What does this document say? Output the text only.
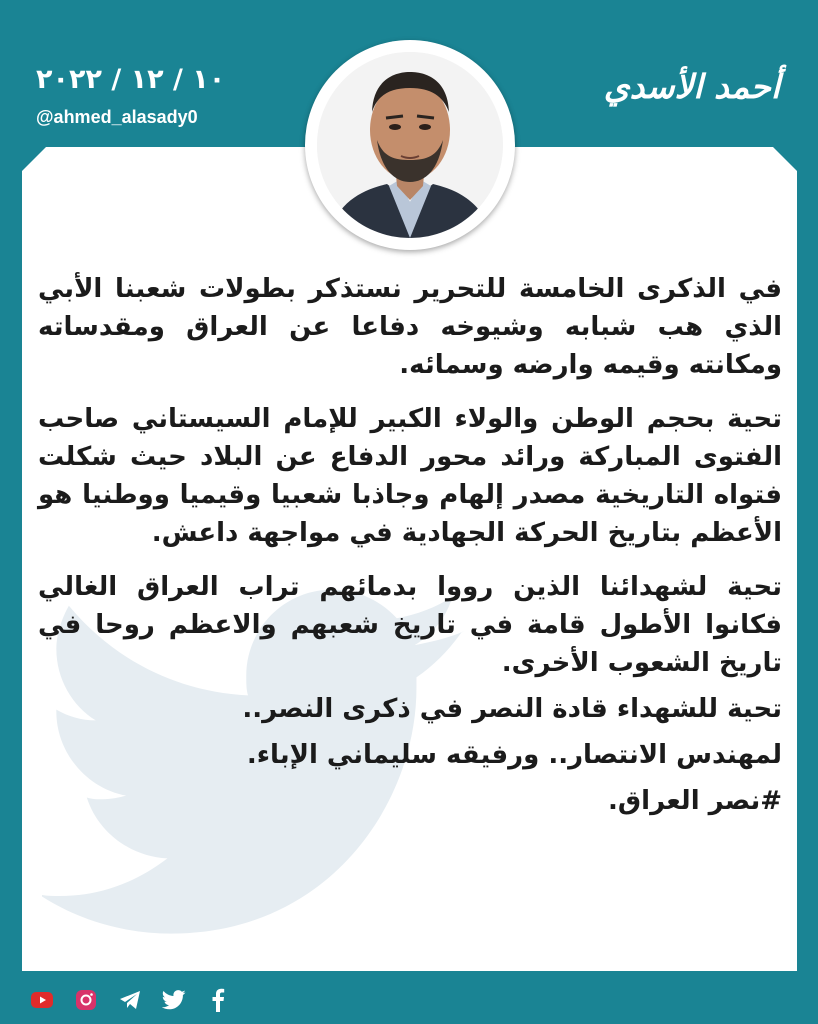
أحمد الأسدي
١٠ / ١٢ / ٢٠٢٢
@ahmed_alasady0

في الذكرى الخامسة للتحرير نستذكر بطولات شعبنا الأبي الذي هب شبابه وشيوخه دفاعا عن العراق ومقدساته ومكانته وقيمه وارضه وسمائه.

تحية بحجم الوطن والولاء الكبير للإمام السيستاني صاحب الفتوى المباركة ورائد محور الدفاع عن البلاد حيث شكلت فتواه التاريخية مصدر إلهام وجاذبا شعبيا وقيميا ووطنيا هو الأعظم بتاريخ الحركة الجهادية في مواجهة داعش.

تحية لشهدائنا الذين رووا بدمائهم تراب العراق الغالي فكانوا الأطول قامة في تاريخ شعبهم والاعظم روحا في تاريخ الشعوب الأخرى.

تحية للشهداء قادة النصر في ذكرى النصر..

لمهندس الانتصار.. ورفيقه سليماني الإباء.

#نصر العراق.
